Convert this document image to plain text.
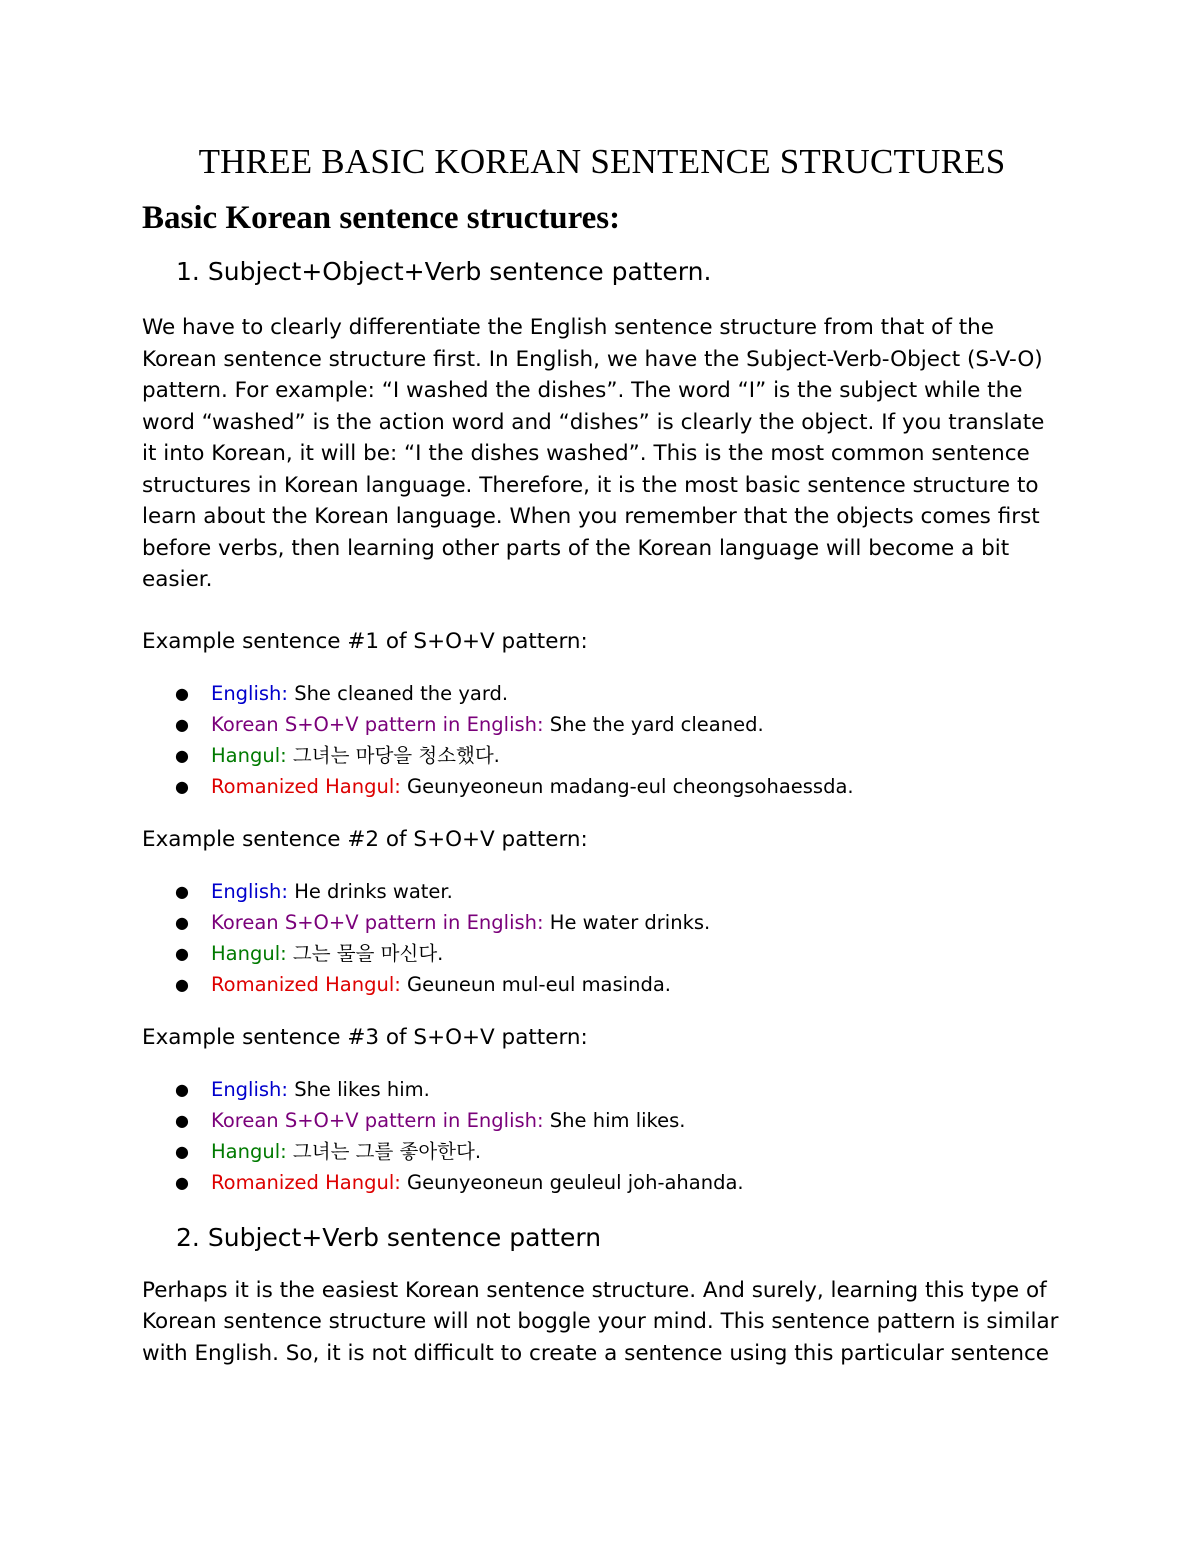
THREE BASIC KOREAN SENTENCE STRUCTURES
Basic Korean sentence structures:
1. Subject+Object+Verb sentence pattern.

We have to clearly differentiate the English sentence structure from that of the Korean sentence structure first. In English, we have the Subject-Verb-Object (S-V-O) pattern. For example: “I washed the dishes”. The word “I” is the subject while the word “washed” is the action word and “dishes” is clearly the object. If you translate it into Korean, it will be: “I the dishes washed”. This is the most common sentence structures in Korean language. Therefore, it is the most basic sentence structure to learn about the Korean language. When you remember that the objects comes first before verbs, then learning other parts of the Korean language will become a bit easier.

Example sentence #1 of S+O+V pattern:

● English: She cleaned the yard.
● Korean S+O+V pattern in English: She the yard cleaned.
● Hangul: 그녀는 마당을 청소했다.
● Romanized Hangul: Geunyeoneun madang-eul cheongsohaessda.

Example sentence #2 of S+O+V pattern:

● English: He drinks water.
● Korean S+O+V pattern in English: He water drinks.
● Hangul: 그는 물을 마신다.
● Romanized Hangul: Geuneun mul-eul masinda.

Example sentence #3 of S+O+V pattern:

● English: She likes him.
● Korean S+O+V pattern in English: She him likes.
● Hangul: 그녀는 그를 좋아한다.
● Romanized Hangul: Geunyeoneun geuleul joh-ahanda.
2. Subject+Verb sentence pattern

Perhaps it is the easiest Korean sentence structure. And surely, learning this type of Korean sentence structure will not boggle your mind. This sentence pattern is similar with English. So, it is not difficult to create a sentence using this particular sentence
